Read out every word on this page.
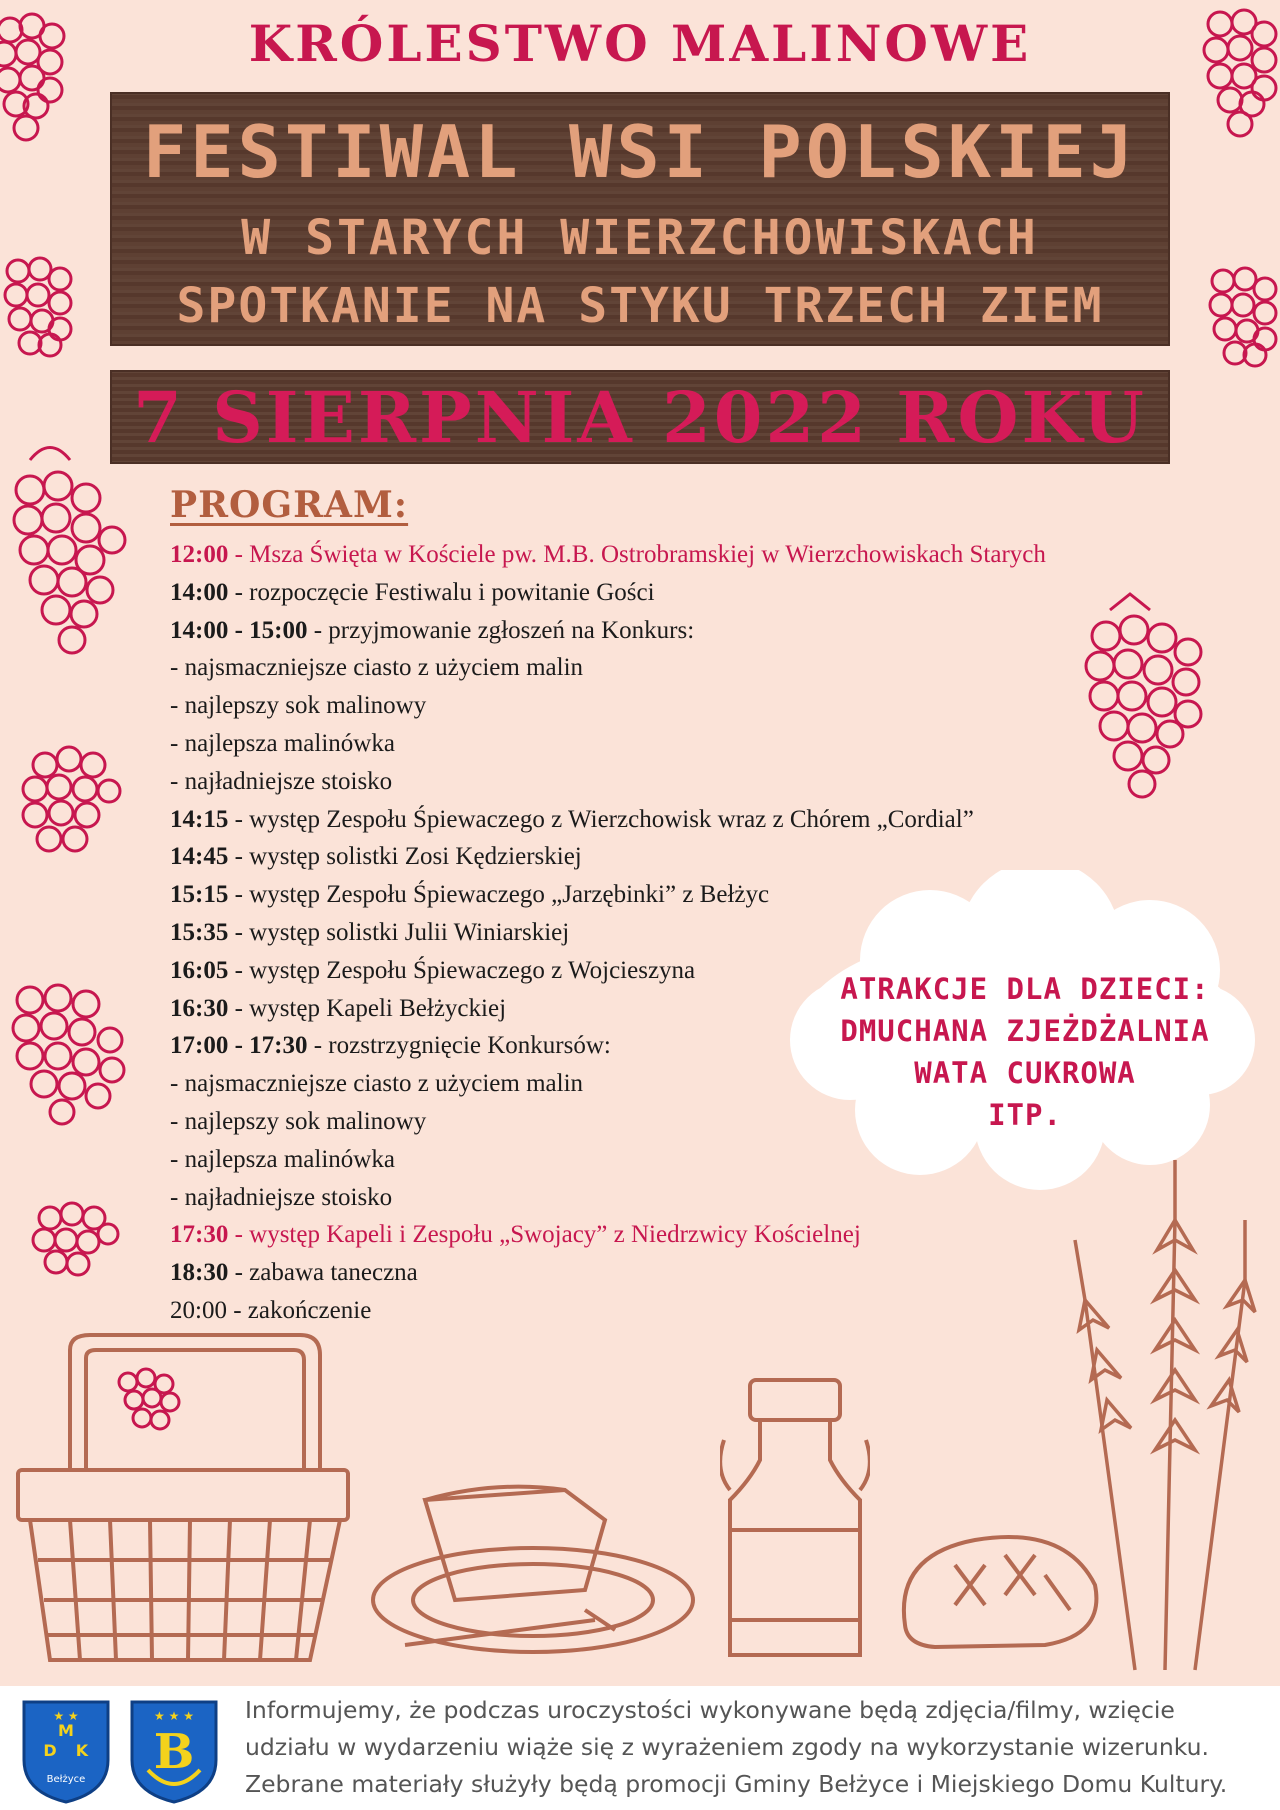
KRÓLESTWO MALINOWE
FESTIWAL WSI POLSKIEJ
W STARYCH WIERZCHOWISKACH
SPOTKANIE NA STYKU TRZECH ZIEM
7 SIERPNIA 2022 ROKU
PROGRAM:
12:00 - Msza Święta w Kościele pw. M.B. Ostrobramskiej w Wierzchowiskach Starych
14:00 - rozpoczęcie Festiwalu i powitanie Gości
14:00 - 15:00 - przyjmowanie zgłoszeń na Konkurs:
- najsmaczniejsze ciasto z użyciem malin
- najlepszy sok malinowy
- najlepsza malinówka
- najładniejsze stoisko
14:15 - występ Zespołu Śpiewaczego z Wierzchowisk wraz z Chórem „Cordial”
14:45 - występ solistki Zosi Kędzierskiej
15:15 - występ Zespołu Śpiewaczego „Jarzębinki” z Bełżyc
15:35 - występ solistki Julii Winiarskiej
16:05 - występ Zespołu Śpiewaczego z Wojcieszyna
16:30 - występ Kapeli Bełżyckiej
17:00 - 17:30 - rozstrzygnięcie Konkursów:
- najsmaczniejsze ciasto z użyciem malin
- najlepszy sok malinowy
- najlepsza malinówka
- najładniejsze stoisko
17:30 - występ Kapeli i Zespołu „Swojacy” z Niedrzwicy Kościelnej
18:30 - zabawa taneczna
20:00 - zakończenie
ATRAKCJE DLA DZIECI:
DMUCHANA ZJEŻDŻALNIA
WATA CUKROWA
ITP.
M
D K
Bełżyce
★ ★
B
★ ★ ★ Informujemy, że podczas uroczystości wykonywane będą zdjęcia/filmy, wzięcie
udziału w wydarzeniu wiąże się z wyrażeniem zgody na wykorzystanie wizerunku.
Zebrane materiały służyły będą promocji Gminy Bełżyce i Miejskiego Domu Kultury.
